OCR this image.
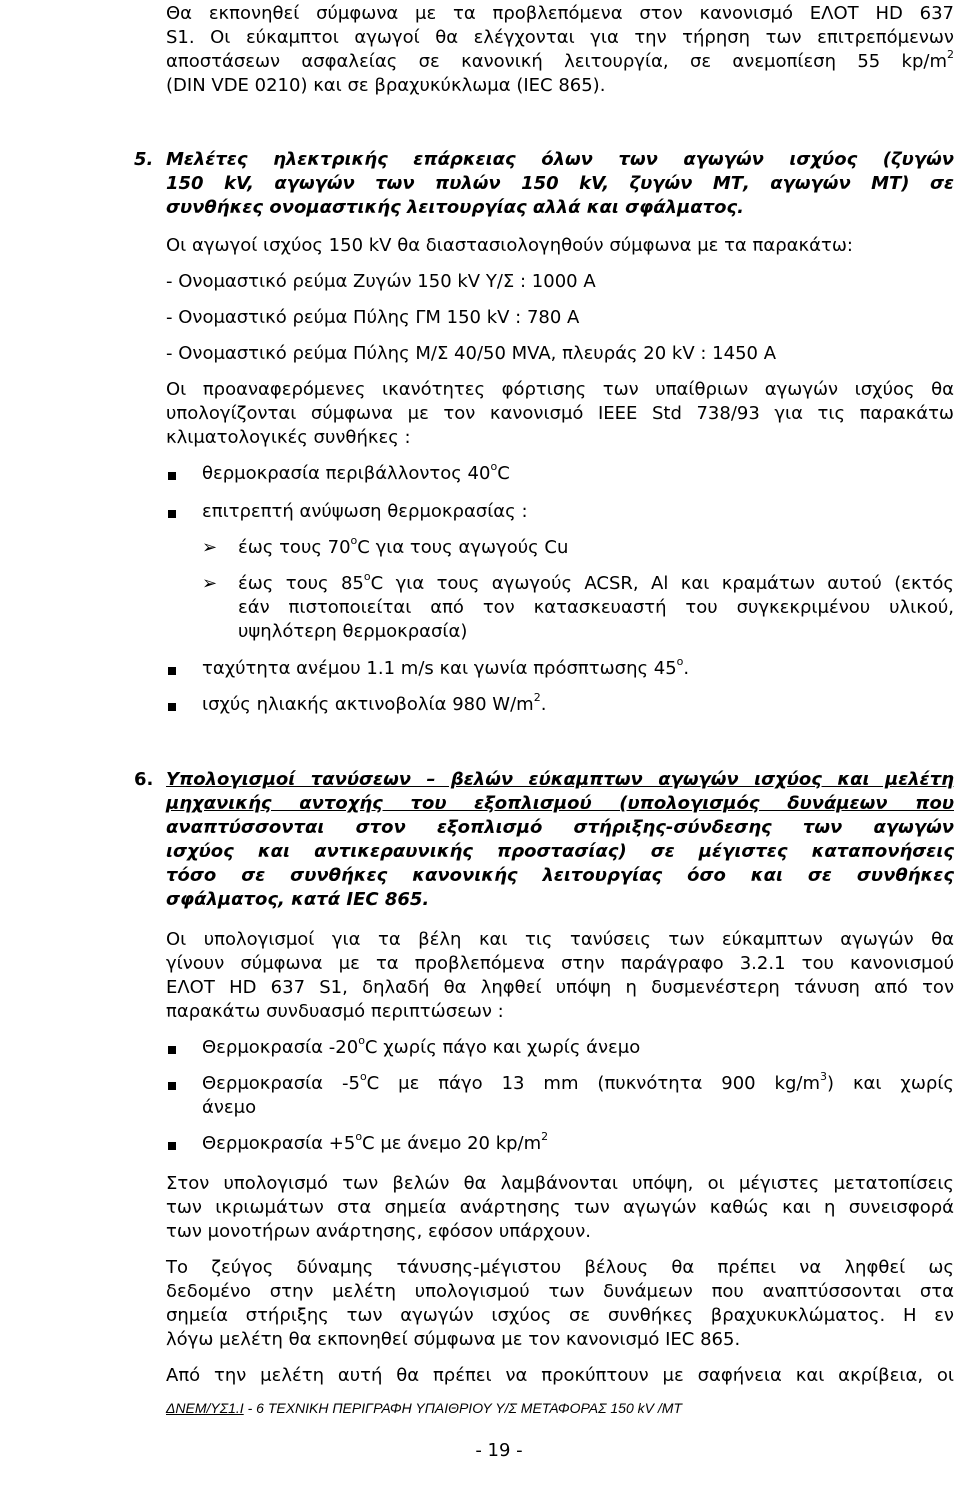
Θα εκπονηθεί σύμφωνα με τα προβλεπόμενα στον κανονισμό ΕΛΟΤ HD 637
S1. Οι εύκαμπτοι αγωγοί θα ελέγχονται για την τήρηση των επιτρεπόμενων
αποστάσεων ασφαλείας σε κανονική λειτουργία, σε ανεμοπίεση 55 $kp/m^2$
(DIN VDE 0210) και σε βραχυκύκλωμα (IEC 865).
5. Μελέτες ηλεκτρικής επάρκειας όλων των αγωγών ισχύος (ζυγών
150 kV, αγωγών των πυλών 150 kV, ζυγών ΜΤ, αγωγών ΜΤ) σε
συνθήκες ονομαστικής λειτουργίας αλλά και σφάλματος.
Οι αγωγοί ισχύος 150 kV θα διαστασιολογηθούν σύμφωνα με τα παρακάτω:
- Ονομαστικό ρεύμα Ζυγών 150 kV Υ/Σ : 1000 Α
- Ονομαστικό ρεύμα Πύλης ΓΜ 150 kV : 780 Α
- Ονομαστικό ρεύμα Πύλης Μ/Σ 40/50 MVA, πλευράς 20 kV : 1450 Α
Οι προαναφερόμενες ικανότητες φόρτισης των υπαίθριων αγωγών ισχύος θα
υπολογίζονται σύμφωνα με τον κανονισμό IEEE Std 738/93 για τις παρακάτω
κλιματολογικές συνθήκες :
θερμοκρασία περιβάλλοντος 40$^o$C
επιτρεπτή ανύψωση θερμοκρασίας :
➢ έως τους 70$^o$C για τους αγωγούς Cu
➢ έως τους 85$^o$C για τους αγωγούς ACSR, Al και κραμάτων αυτού (εκτός
εάν πιστοποιείται από τον κατασκευαστή του συγκεκριμένου υλικού,
υψηλότερη θερμοκρασία)
ταχύτητα ανέμου 1.1 m/s και γωνία πρόσπτωσης 45$^o$.
ισχύς ηλιακής ακτινοβολία 980 $W/m^2$.
6. Υπολογισμοί τανύσεων – βελών εύκαμπτων αγωγών ισχύος και μελέτη
μηχανικής αντοχής του εξοπλισμού (υπολογισμός δυνάμεων που
αναπτύσσονται στον εξοπλισμό στήριξης-σύνδεσης των αγωγών
ισχύος και αντικεραυνικής προστασίας) σε μέγιστες καταπονήσεις
τόσο σε συνθήκες κανονικής λειτουργίας όσο και σε συνθήκες
σφάλματος, κατά IEC 865.
Οι υπολογισμοί για τα βέλη και τις τανύσεις των εύκαμπτων αγωγών θα
γίνουν σύμφωνα με τα προβλεπόμενα στην παράγραφο 3.2.1 του κανονισμού
ΕΛΟΤ HD 637 S1, δηλαδή θα ληφθεί υπόψη η δυσμενέστερη τάνυση από τον
παρακάτω συνδυασμό περιπτώσεων :
Θερμοκρασία -20$^o$C χωρίς πάγο και χωρίς άνεμο
Θερμοκρασία -5$^o$C με πάγο 13 mm (πυκνότητα 900 $kg/m^3$) και χωρίς
άνεμο
$\Theta\varepsilon\rho\mu o\kappa\rho\alpha\sigma ί\alpha +5^oC$ με άνεμο 20 $kp/m^2$
Στον υπολογισμό των βελών θα λαμβάνονται υπόψη, οι μέγιστες μετατοπίσεις
των ικριωμάτων στα σημεία ανάρτησης των αγωγών καθώς και η συνεισφορά
των μονοτήρων ανάρτησης, εφόσον υπάρχουν.
Το ζεύγος δύναμης τάνυσης-μέγιστου βέλους θα πρέπει να ληφθεί ως
δεδομένο στην μελέτη υπολογισμού των δυνάμεων που αναπτύσσονται στα
σημεία στήριξης των αγωγών ισχύος σε συνθήκες βραχυκυκλώματος. Η εν
λόγω μελέτη θα εκπονηθεί σύμφωνα με τον κανονισμό IEC 865.
Από την μελέτη αυτή θα πρέπει να προκύπτουν με σαφήνεια και ακρίβεια, οι
ΔΝΕΜ/ΥΣ1.Ι - 6 ΤΕΧΝΙΚΗ ΠΕΡΙΓΡΑΦΗ ΥΠΑΙΘΡΙΟΥ Υ/Σ ΜΕΤΑΦΟΡΑΣ 150 kV /ΜΤ
- 19 -
